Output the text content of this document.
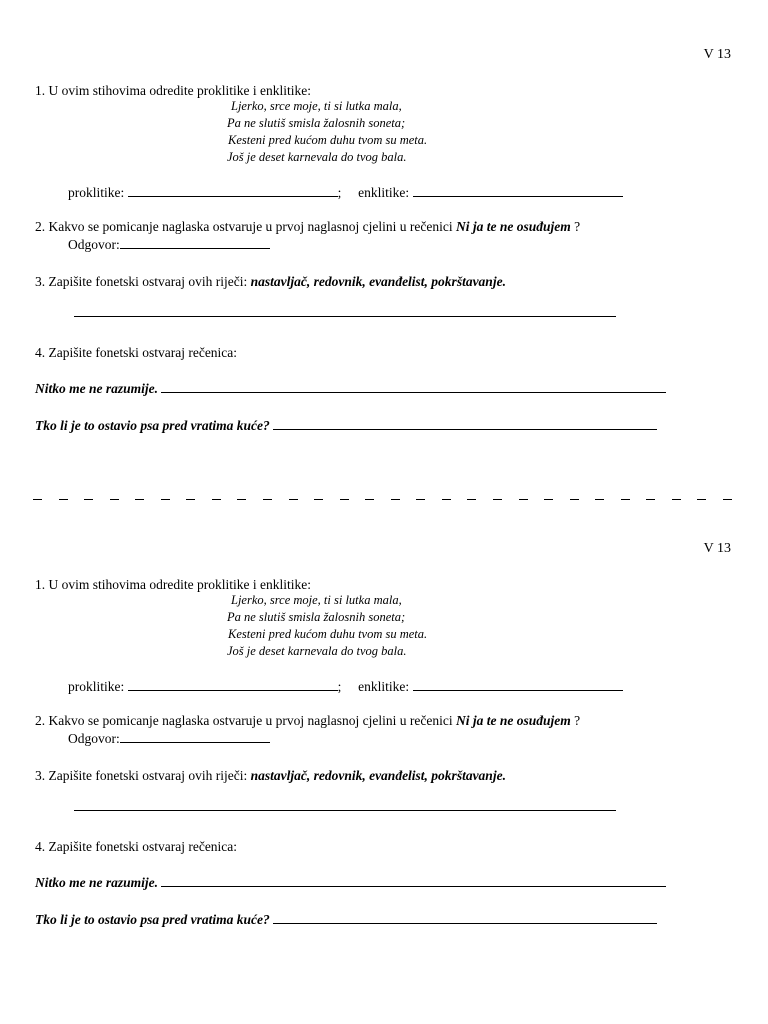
V 13
1. U ovim stihovima odredite proklitike i enklitike:
Ljerko, srce moje, ti si lutka mala,
Pa ne slutiš smisla žalosnih soneta;
Kesteni pred kućom duhu tvom su meta.
Još je deset karnevala do tvog bala.
proklitike:	; enklitike:
2. Kakvo se pomicanje naglaska ostvaruje u prvoj naglasnoj cjelini u rečenici Ni ja te ne osuđujem ?
Odgovor:
3. Zapišite fonetski ostvaraj ovih riječi: nastavljač, redovnik, evanđelist, pokrštavanje.
4. Zapišite fonetski ostvaraj rečenica:
Nitko me ne razumije.
Tko li je to ostavio psa pred vratima kuće?
V 13
1. U ovim stihovima odredite proklitike i enklitike:
Ljerko, srce moje, ti si lutka mala,
Pa ne slutiš smisla žalosnih soneta;
Kesteni pred kućom duhu tvom su meta.
Još je deset karnevala do tvog bala.
proklitike:	; enklitike:
2. Kakvo se pomicanje naglaska ostvaruje u prvoj naglasnoj cjelini u rečenici Ni ja te ne osuđujem ?
Odgovor:
3. Zapišite fonetski ostvaraj ovih riječi: nastavljač, redovnik, evanđelist, pokrštavanje.
4. Zapišite fonetski ostvaraj rečenica:
Nitko me ne razumije.
Tko li je to ostavio psa pred vratima kuće?
